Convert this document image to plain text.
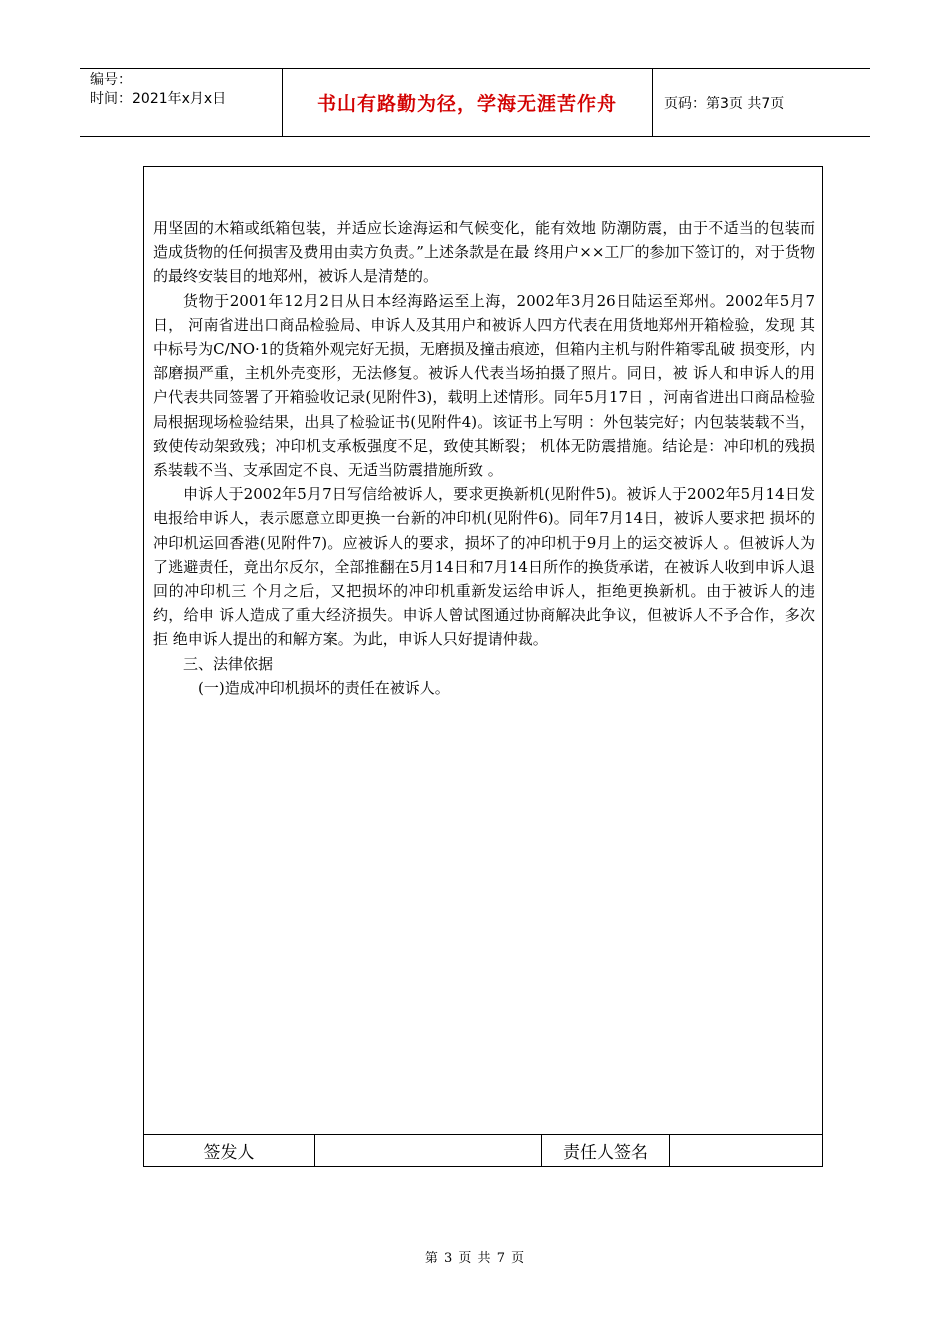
编号：
时间：2021年x月x日	书山有路勤为径，学海无涯苦作舟	页码：第3页 共7页

用坚固的木箱或纸箱包装，并适应长途海运和气候变化，能有效地 防潮防震，由于不适当的包装而造成货物的任何损害及费用由卖方负责。”上述条款是在最 终用户××工厂的参加下签订的，对于货物的最终安装目的地郑州，被诉人是清楚的。

货物于2001年12月2日从日本经海路运至上海，2002年3月26日陆运至郑州。2002年5月7日， 河南省进出口商品检验局、申诉人及其用户和被诉人四方代表在用货地郑州开箱检验，发现 其中标号为C/NO·1的货箱外观完好无损，无磨损及撞击痕迹，但箱内主机与附件箱零乱破 损变形，内部磨损严重，主机外壳变形，无法修复。被诉人代表当场拍摄了照片。同日，被 诉人和申诉人的用户代表共同签署了开箱验收记录(见附件3)，载明上述情形。同年5月17日 ，河南省进出口商品检验局根据现场检验结果，出具了检验证书(见附件4)。该证书上写明 ：外包装完好；内包装装载不当，致使传动架致残；冲印机支承板强度不足，致使其断裂； 机体无防震措施。结论是：冲印机的残损系装载不当、支承固定不良、无适当防震措施所致 。

申诉人于2002年5月7日写信给被诉人，要求更换新机(见附件5)。被诉人于2002年5月14日发 电报给申诉人，表示愿意立即更换一台新的冲印机(见附件6)。同年7月14日，被诉人要求把 损坏的冲印机运回香港(见附件7)。应被诉人的要求，损坏了的冲印机于9月上的运交被诉人 。但被诉人为了逃避责任，竟出尔反尔，全部推翻在5月14日和7月14日所作的换货承诺，在被诉人收到申诉人退回的冲印机三 个月之后，又把损坏的冲印机重新发运给申诉人，拒绝更换新机。由于被诉人的违约，给申 诉人造成了重大经济损失。申诉人曾试图通过协商解决此争议，但被诉人不予合作，多次拒 绝申诉人提出的和解方案。为此，申诉人只好提请仲裁。

三、法律依据

(一)造成冲印机损坏的责任在被诉人。

签发人	责任人签名
第 3 页 共 7 页
